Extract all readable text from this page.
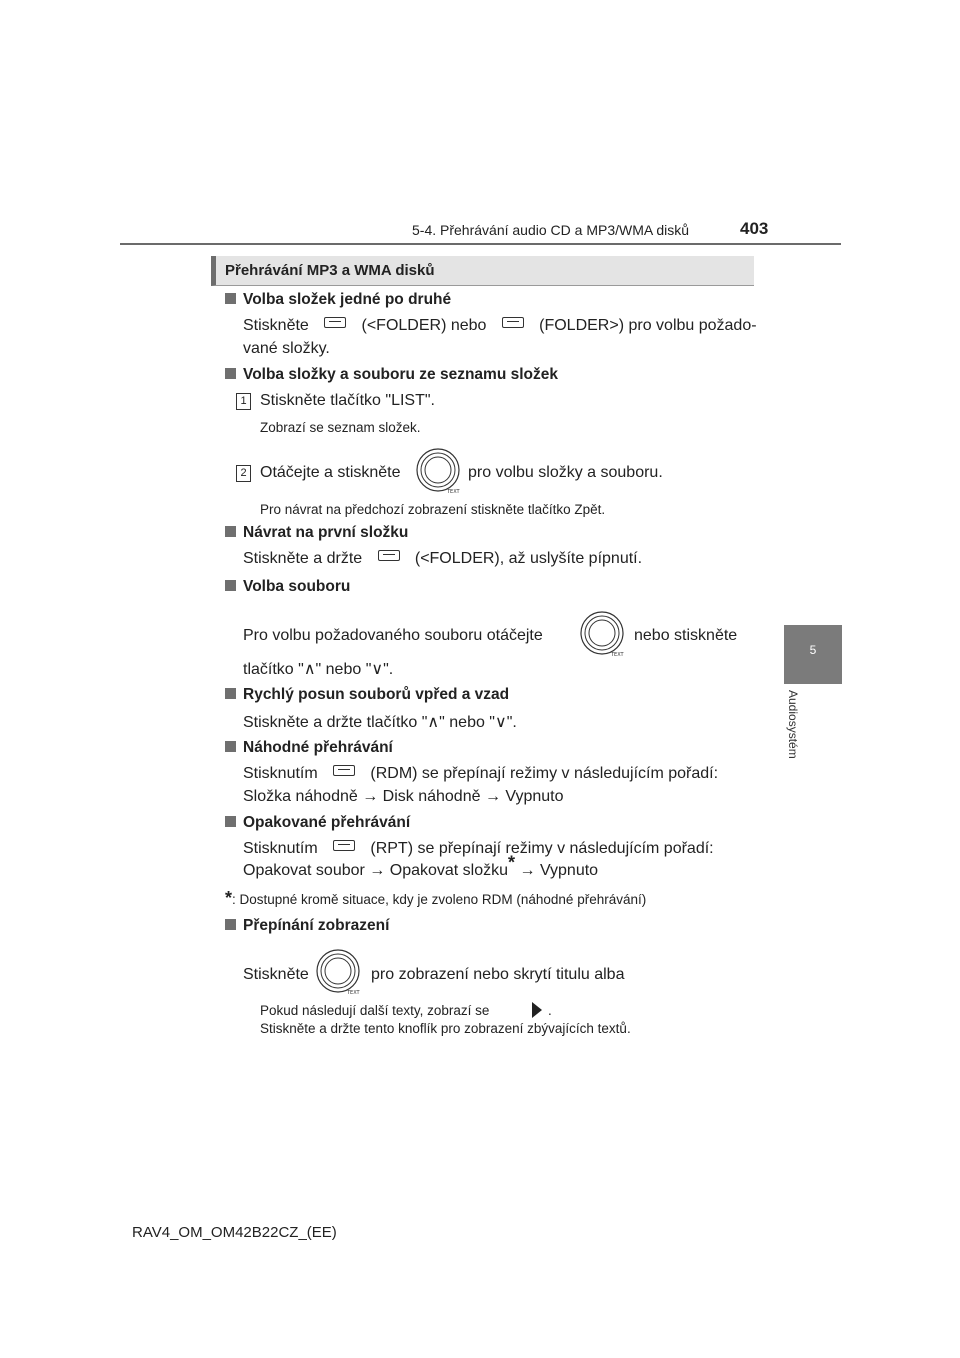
5-4. Přehrávání audio CD a MP3/WMA disků	403
5
Audiosystém
Přehrávání MP3 a WMA disků
Volba složek jedné po druhé
Stiskněte	(<FOLDER) nebo	(FOLDER>) pro volbu požado-
vané složky.
Volba složky a souboru ze seznamu složek
1 Stiskněte tlačítko "LIST".
Zobrazí se seznam složek.
2 Otáčejte a stiskněte
TEXT
pro volbu složky a souboru.
Pro návrat na předchozí zobrazení stiskněte tlačítko Zpět.
Návrat na první složku
Stiskněte a držte	(<FOLDER), až uslyšíte pípnutí.
Volba souboru
Pro volbu požadovaného souboru otáčejte
TEXT
nebo stiskněte
tlačítko "∧" nebo "∨".
Rychlý posun souborů vpřed a vzad
Stiskněte a držte tlačítko "∧" nebo "∨".
Náhodné přehrávání
Stisknutím	(RDM) se přepínají režimy v následujícím pořadí:
Složka náhodně → Disk náhodně → Vypnuto
Opakované přehrávání
Stisknutím	(RPT) se přepínají režimy v následujícím pořadí:
Opakovat soubor → Opakovat složku* → Vypnuto
*: Dostupné kromě situace, kdy je zvoleno RDM (náhodné přehrávání)
Přepínání zobrazení
Stiskněte
TEXT
pro zobrazení nebo skrytí titulu alba
Pokud následují další texty, zobrazí se	.
Stiskněte a držte tento knoflík pro zobrazení zbývajících textů.
RAV4_OM_OM42B22CZ_(EE)
